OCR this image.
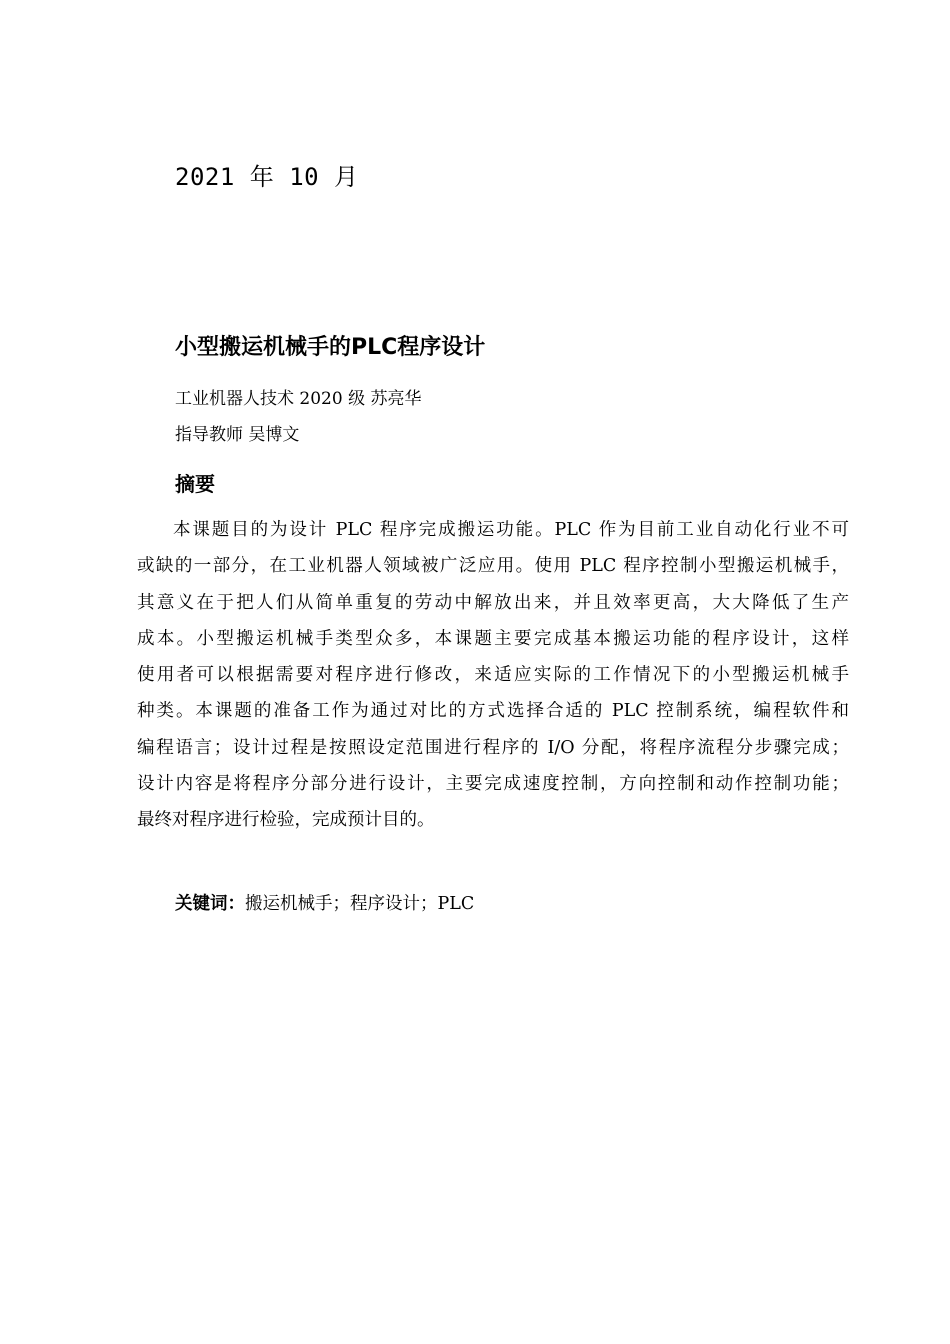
2021 年 10 月
小型搬运机械手的PLC程序设计
工业机器人技术 2020 级 苏亮华
指导教师 吴博文
摘要
本课题目的为设计 PLC 程序完成搬运功能。PLC 作为目前工业自动化行业不可
或缺的一部分，在工业机器人领域被广泛应用。使用 PLC 程序控制小型搬运机械手，
其意义在于把人们从简单重复的劳动中解放出来，并且效率更高，大大降低了生产
成本。小型搬运机械手类型众多，本课题主要完成基本搬运功能的程序设计，这样
使用者可以根据需要对程序进行修改，来适应实际的工作情况下的小型搬运机械手
种类。本课题的准备工作为通过对比的方式选择合适的 PLC 控制系统，编程软件和
编程语言；设计过程是按照设定范围进行程序的 I/O 分配，将程序流程分步骤完成；
设计内容是将程序分部分进行设计，主要完成速度控制，方向控制和动作控制功能；
最终对程序进行检验，完成预计目的。
关键词：搬运机械手；程序设计；PLC
